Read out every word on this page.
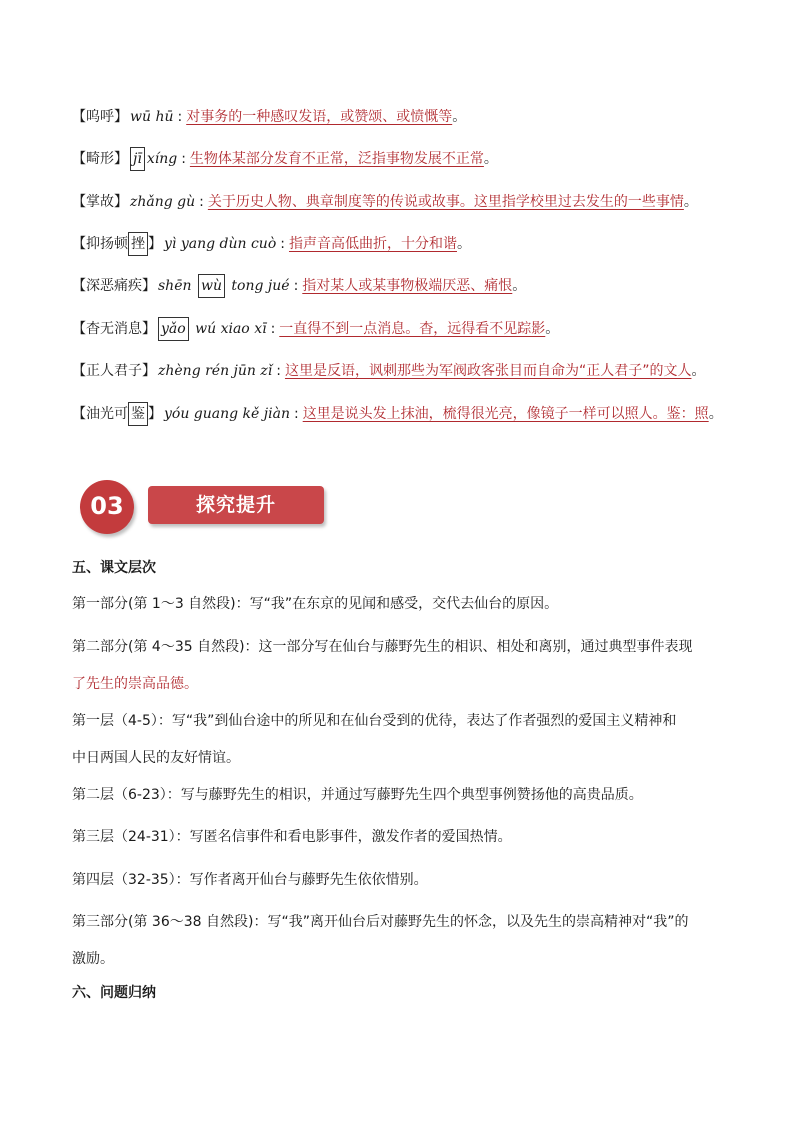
【呜呼】 wū hū : 对事务的一种感叹发语，或赞颂、或愤慨等。
【畸形】 jī xíng : 生物体某部分发育不正常，泛指事物发展不正常。
【掌故】 zhǎng gù : 关于历史人物、典章制度等的传说或故事。这里指学校里过去发生的一些事情。
【抑扬顿 挫 】 yì yang dùn cuò : 指声音高低曲折，十分和谐。
【深恶痛疾】 shēn wù tong jué : 指对某人或某事物极端厌恶、痛恨。
【杳无消息】 yǎo wú xiao xī : 一直得不到一点消息。杳，远得看不见踪影。
【正人君子】 zhèng rén jūn zǐ : 这里是反语，讽刺那些为军阀政客张目而自命为“正人君子”的文人。
【油光可 鉴 】 yóu guang kě jiàn : 这里是说头发上抹油，梳得很光亮，像镜子一样可以照人。鉴：照。
03	探究提升
五、课文层次
第一部分(第 1～3 自然段)：写“我”在东京的见闻和感受，交代去仙台的原因。
第二部分(第 4～35 自然段)：这一部分写在仙台与藤野先生的相识、相处和离别，通过典型事件表现
了先生的崇高品德。
第一层（4-5）：写“我”到仙台途中的所见和在仙台受到的优待，表达了作者强烈的爱国主义精神和
中日两国人民的友好情谊。
第二层（6-23）：写与藤野先生的相识，并通过写藤野先生四个典型事例赞扬他的高贵品质。
第三层（24-31）：写匿名信事件和看电影事件，激发作者的爱国热情。
第四层（32-35）：写作者离开仙台与藤野先生依依惜别。
第三部分(第 36～38 自然段)：写“我”离开仙台后对藤野先生的怀念，以及先生的崇高精神对“我”的
激励。
六、问题归纳
